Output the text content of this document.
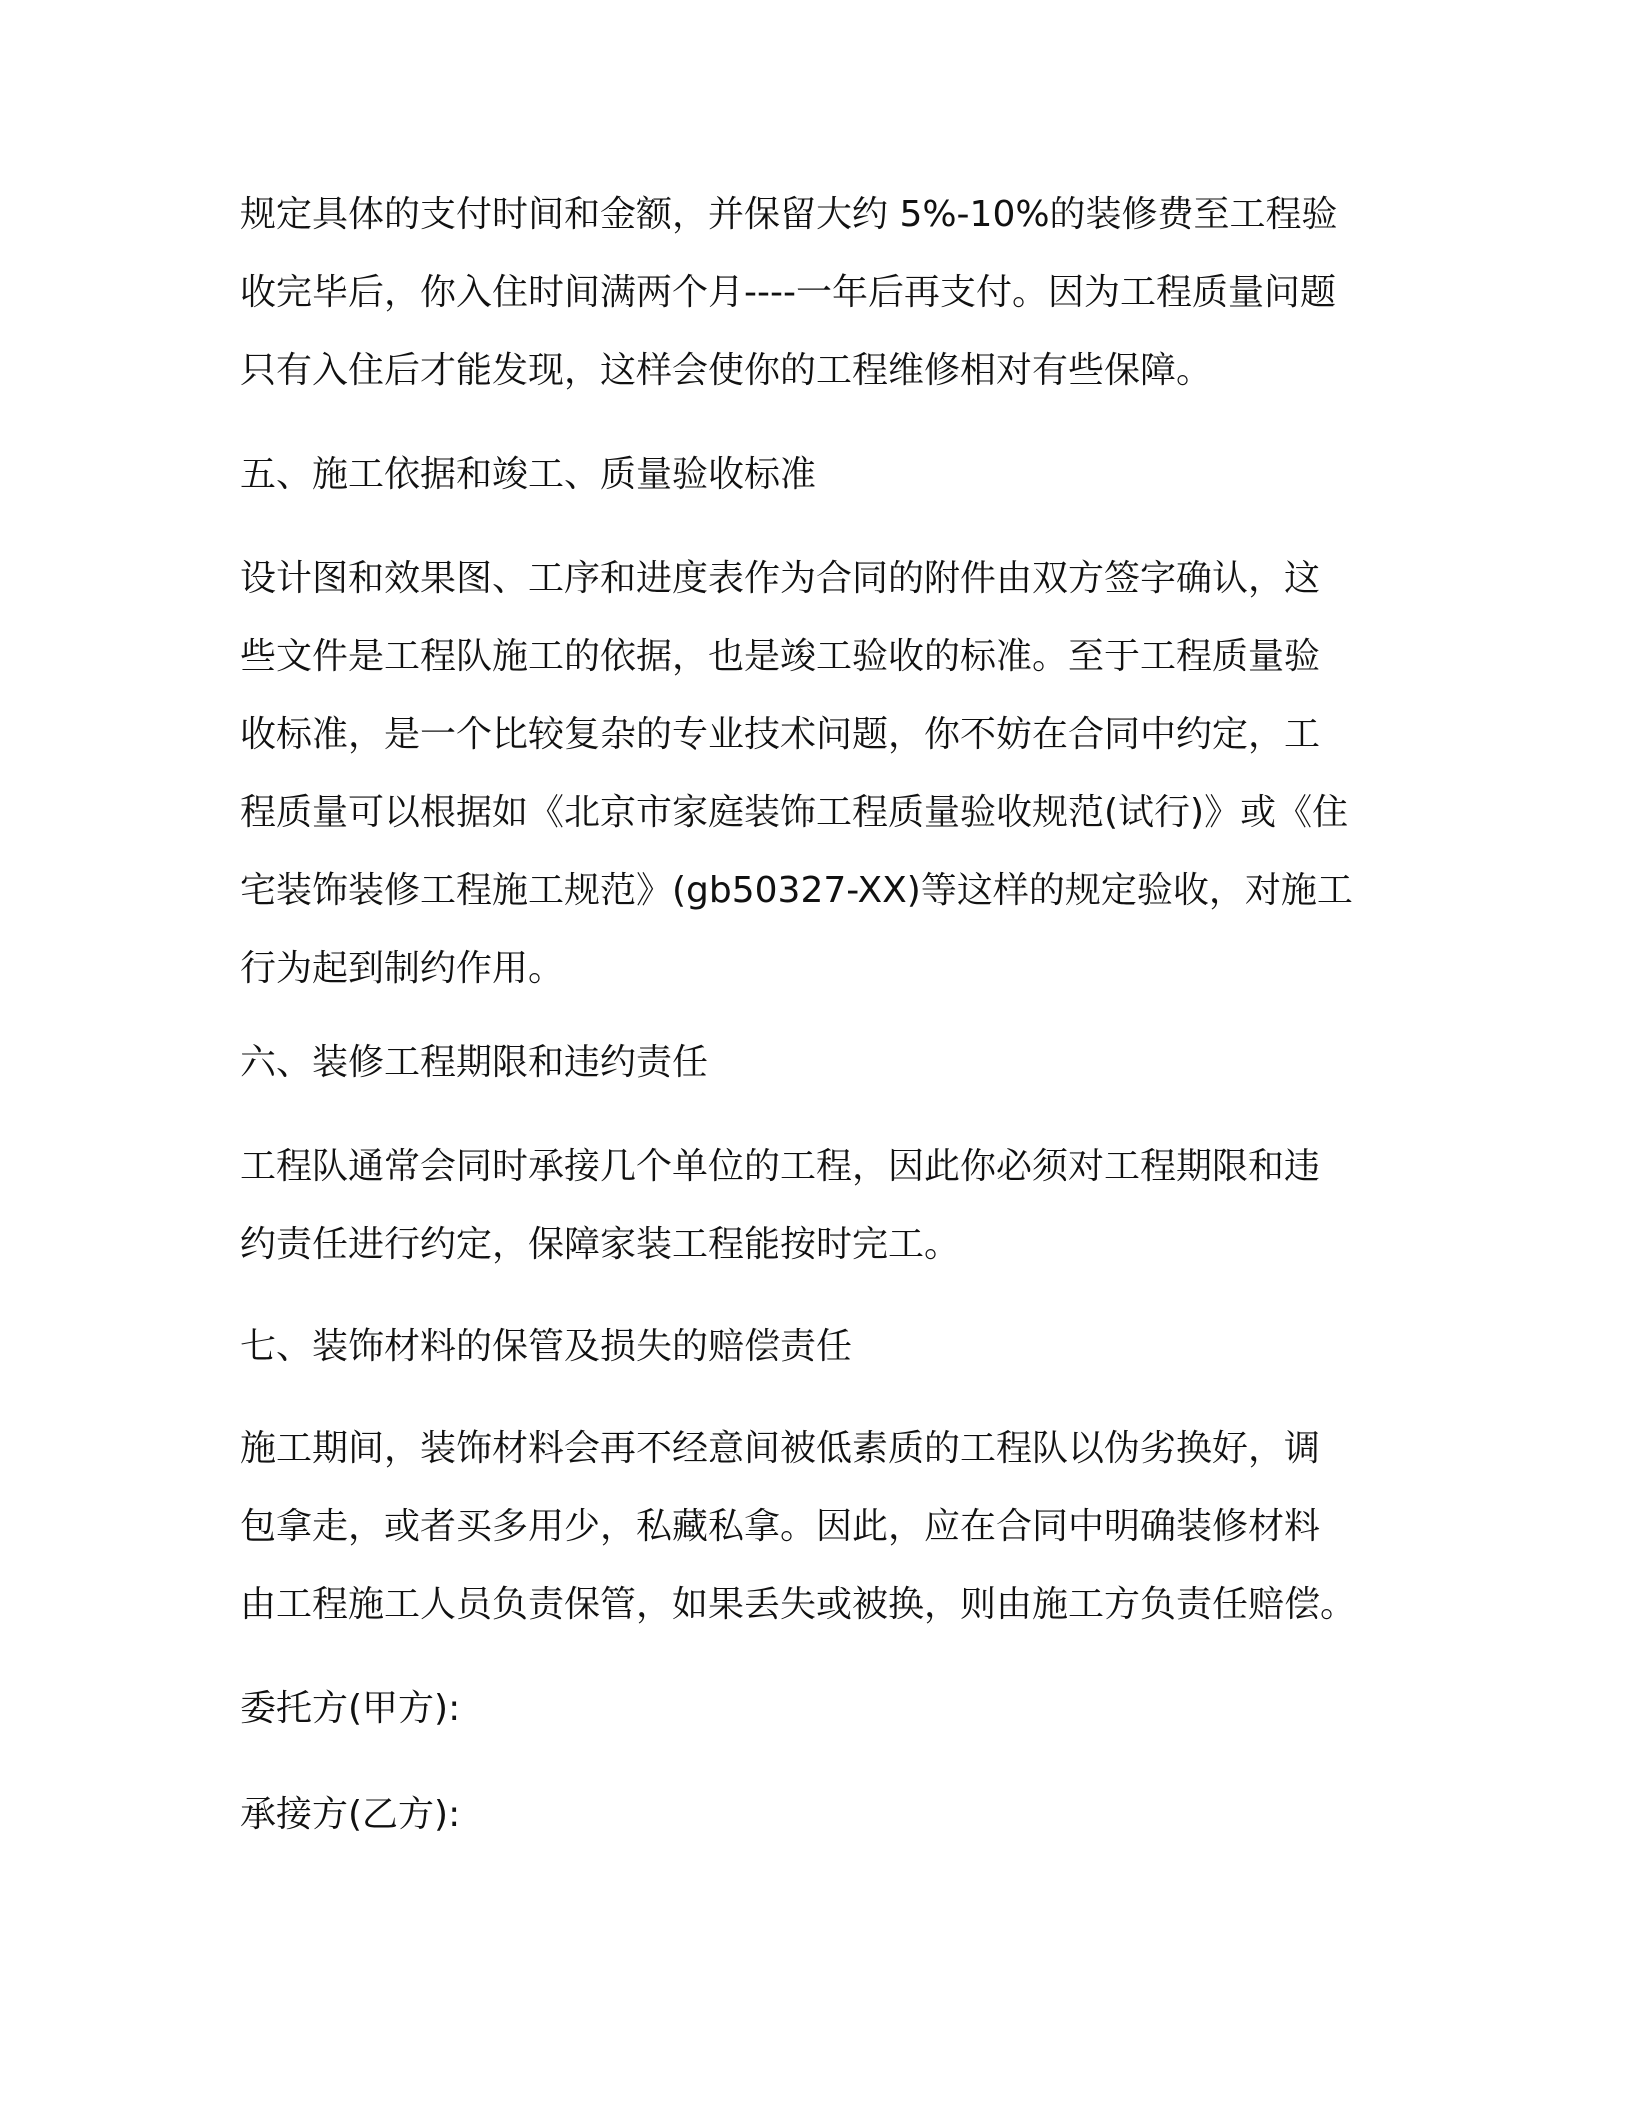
规定具体的支付时间和金额，并保留大约 5%-10%的装修费至工程验
收完毕后，你入住时间满两个月----一年后再支付。因为工程质量问题
只有入住后才能发现，这样会使你的工程维修相对有些保障。
五、施工依据和竣工、质量验收标准
设计图和效果图、工序和进度表作为合同的附件由双方签字确认，这
些文件是工程队施工的依据，也是竣工验收的标准。至于工程质量验
收标准，是一个比较复杂的专业技术问题，你不妨在合同中约定，工
程质量可以根据如《北京市家庭装饰工程质量验收规范(试行)》或《住
宅装饰装修工程施工规范》(gb50327-XX)等这样的规定验收，对施工
行为起到制约作用。
六、装修工程期限和违约责任
工程队通常会同时承接几个单位的工程，因此你必须对工程期限和违
约责任进行约定，保障家装工程能按时完工。
七、装饰材料的保管及损失的赔偿责任
施工期间，装饰材料会再不经意间被低素质的工程队以伪劣换好，调
包拿走，或者买多用少，私藏私拿。因此，应在合同中明确装修材料
由工程施工人员负责保管，如果丢失或被换，则由施工方负责任赔偿。
委托方(甲方):
承接方(乙方):
